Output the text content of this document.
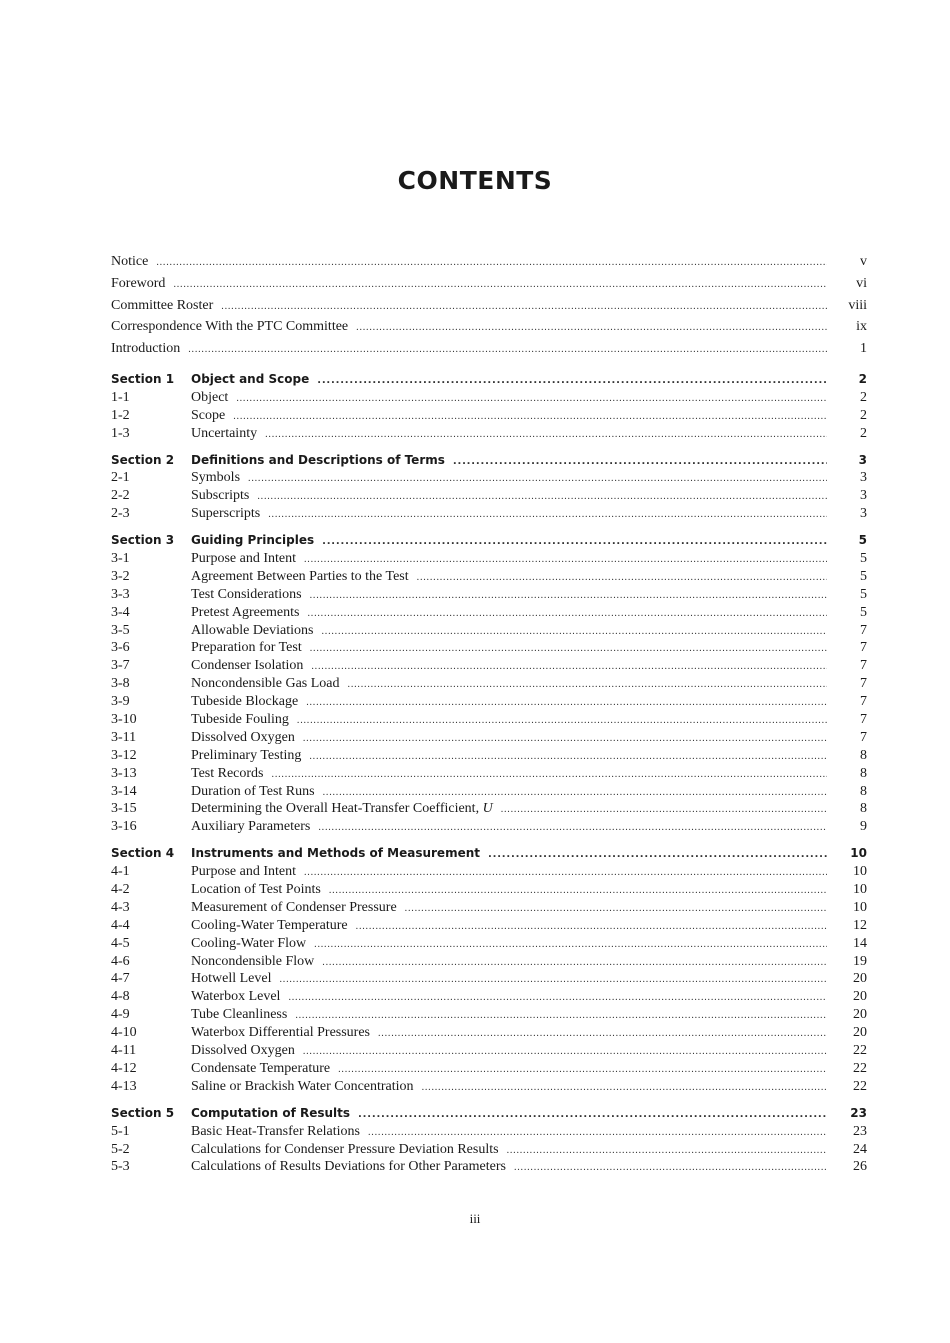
CONTENTS
Notice .....	v
Foreword .....	vi
Committee Roster .....	viii
Correspondence With the PTC Committee .....	ix
Introduction .....	1
Section 1	Object and Scope .....	2
1-1	Object .....	2
1-2	Scope .....	2
1-3	Uncertainty .....	2
Section 2	Definitions and Descriptions of Terms .....	3
2-1	Symbols .....	3
2-2	Subscripts .....	3
2-3	Superscripts .....	3
Section 3	Guiding Principles .....	5
3-1	Purpose and Intent .....	5
3-2	Agreement Between Parties to the Test .....	5
3-3	Test Considerations .....	5
3-4	Pretest Agreements .....	5
3-5	Allowable Deviations .....	7
3-6	Preparation for Test .....	7
3-7	Condenser Isolation .....	7
3-8	Noncondensible Gas Load .....	7
3-9	Tubeside Blockage .....	7
3-10	Tubeside Fouling .....	7
3-11	Dissolved Oxygen .....	7
3-12	Preliminary Testing .....	8
3-13	Test Records .....	8
3-14	Duration of Test Runs .....	8
3-15	Determining the Overall Heat-Transfer Coefficient, U .....	8
3-16	Auxiliary Parameters .....	9
Section 4	Instruments and Methods of Measurement .....	10
4-1	Purpose and Intent .....	10
4-2	Location of Test Points .....	10
4-3	Measurement of Condenser Pressure .....	10
4-4	Cooling-Water Temperature .....	12
4-5	Cooling-Water Flow .....	14
4-6	Noncondensible Flow .....	19
4-7	Hotwell Level .....	20
4-8	Waterbox Level .....	20
4-9	Tube Cleanliness .....	20
4-10	Waterbox Differential Pressures .....	20
4-11	Dissolved Oxygen .....	22
4-12	Condensate Temperature .....	22
4-13	Saline or Brackish Water Concentration .....	22
Section 5	Computation of Results .....	23
5-1	Basic Heat-Transfer Relations .....	23
5-2	Calculations for Condenser Pressure Deviation Results .....	24
5-3	Calculations of Results Deviations for Other Parameters .....	26
iii
